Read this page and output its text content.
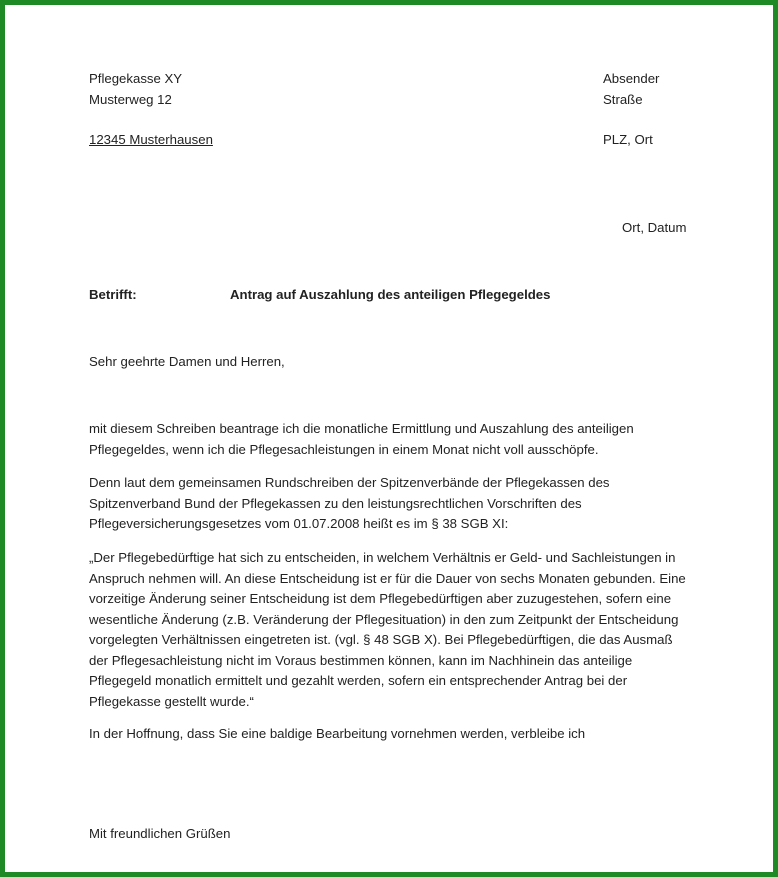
Pflegekasse XY
Musterweg 12
12345 Musterhausen
Absender
Straße
PLZ, Ort
Ort, Datum
Betrifft:	Antrag auf Auszahlung des anteiligen Pflegegeldes
Sehr geehrte Damen und Herren,
mit diesem Schreiben beantrage ich die monatliche Ermittlung und Auszahlung des anteiligen
Pflegegeldes, wenn ich die Pflegesachleistungen in einem Monat nicht voll ausschöpfe.
Denn laut dem gemeinsamen Rundschreiben der Spitzenverbände der Pflegekassen des
Spitzenverband Bund der Pflegekassen zu den leistungsrechtlichen Vorschriften des
Pflegeversicherungsgesetzes vom 01.07.2008 heißt es im § 38 SGB XI:
„Der Pflegebedürftige hat sich zu entscheiden, in welchem Verhältnis er Geld- und Sachleistungen in
Anspruch nehmen will. An diese Entscheidung ist er für die Dauer von sechs Monaten gebunden. Eine
vorzeitige Änderung seiner Entscheidung ist dem Pflegebedürftigen aber zuzugestehen, sofern eine
wesentliche Änderung (z.B. Veränderung der Pflegesituation) in den zum Zeitpunkt der Entscheidung
vorgelegten Verhältnissen eingetreten ist. (vgl. § 48 SGB X). Bei Pflegebedürftigen, die das Ausmaß
der Pflegesachleistung nicht im Voraus bestimmen können, kann im Nachhinein das anteilige
Pflegegeld monatlich ermittelt und gezahlt werden, sofern ein entsprechender Antrag bei der
Pflegekasse gestellt wurde.“
In der Hoffnung, dass Sie eine baldige Bearbeitung vornehmen werden, verbleibe ich
Mit freundlichen Grüßen
